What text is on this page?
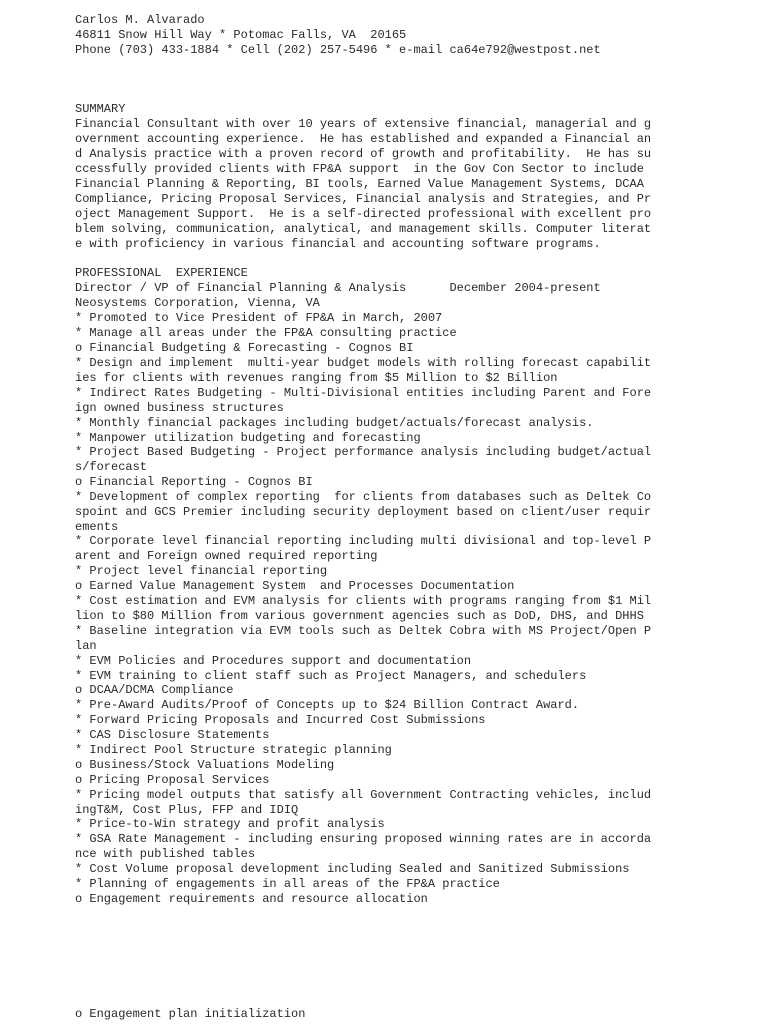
Carlos M. Alvarado
46811 Snow Hill Way * Potomac Falls, VA  20165
Phone (703) 433-1884 * Cell (202) 257-5496 * e-mail ca64e792@westpost.net
SUMMARY
Financial Consultant with over 10 years of extensive financial, managerial and g
overnment accounting experience.  He has established and expanded a Financial an
d Analysis practice with a proven record of growth and profitability.  He has su
ccessfully provided clients with FP&A support  in the Gov Con Sector to include
Financial Planning & Reporting, BI tools, Earned Value Management Systems, DCAA
Compliance, Pricing Proposal Services, Financial analysis and Strategies, and Pr
oject Management Support.  He is a self-directed professional with excellent pro
blem solving, communication, analytical, and management skills. Computer literat
e with proficiency in various financial and accounting software programs.
PROFESSIONAL  EXPERIENCE
Director / VP of Financial Planning & Analysis      December 2004-present
Neosystems Corporation, Vienna, VA
* Promoted to Vice President of FP&A in March, 2007
* Manage all areas under the FP&A consulting practice
o Financial Budgeting & Forecasting - Cognos BI
* Design and implement  multi-year budget models with rolling forecast capabilit
ies for clients with revenues ranging from $5 Million to $2 Billion
* Indirect Rates Budgeting - Multi-Divisional entities including Parent and Fore
ign owned business structures
* Monthly financial packages including budget/actuals/forecast analysis.
* Manpower utilization budgeting and forecasting
* Project Based Budgeting - Project performance analysis including budget/actual
s/forecast
o Financial Reporting - Cognos BI
* Development of complex reporting  for clients from databases such as Deltek Co
spoint and GCS Premier including security deployment based on client/user requir
ements
* Corporate level financial reporting including multi divisional and top-level P
arent and Foreign owned required reporting
* Project level financial reporting
o Earned Value Management System  and Processes Documentation
* Cost estimation and EVM analysis for clients with programs ranging from $1 Mil
lion to $80 Million from various government agencies such as DoD, DHS, and DHHS
* Baseline integration via EVM tools such as Deltek Cobra with MS Project/Open P
lan
* EVM Policies and Procedures support and documentation
* EVM training to client staff such as Project Managers, and schedulers
o DCAA/DCMA Compliance
* Pre-Award Audits/Proof of Concepts up to $24 Billion Contract Award.
* Forward Pricing Proposals and Incurred Cost Submissions
* CAS Disclosure Statements
* Indirect Pool Structure strategic planning
o Business/Stock Valuations Modeling
o Pricing Proposal Services
* Pricing model outputs that satisfy all Government Contracting vehicles, includ
ingT&M, Cost Plus, FFP and IDIQ
* Price-to-Win strategy and profit analysis
* GSA Rate Management - including ensuring proposed winning rates are in accorda
nce with published tables
* Cost Volume proposal development including Sealed and Sanitized Submissions
* Planning of engagements in all areas of the FP&A practice
o Engagement requirements and resource allocation
o Engagement plan initialization
